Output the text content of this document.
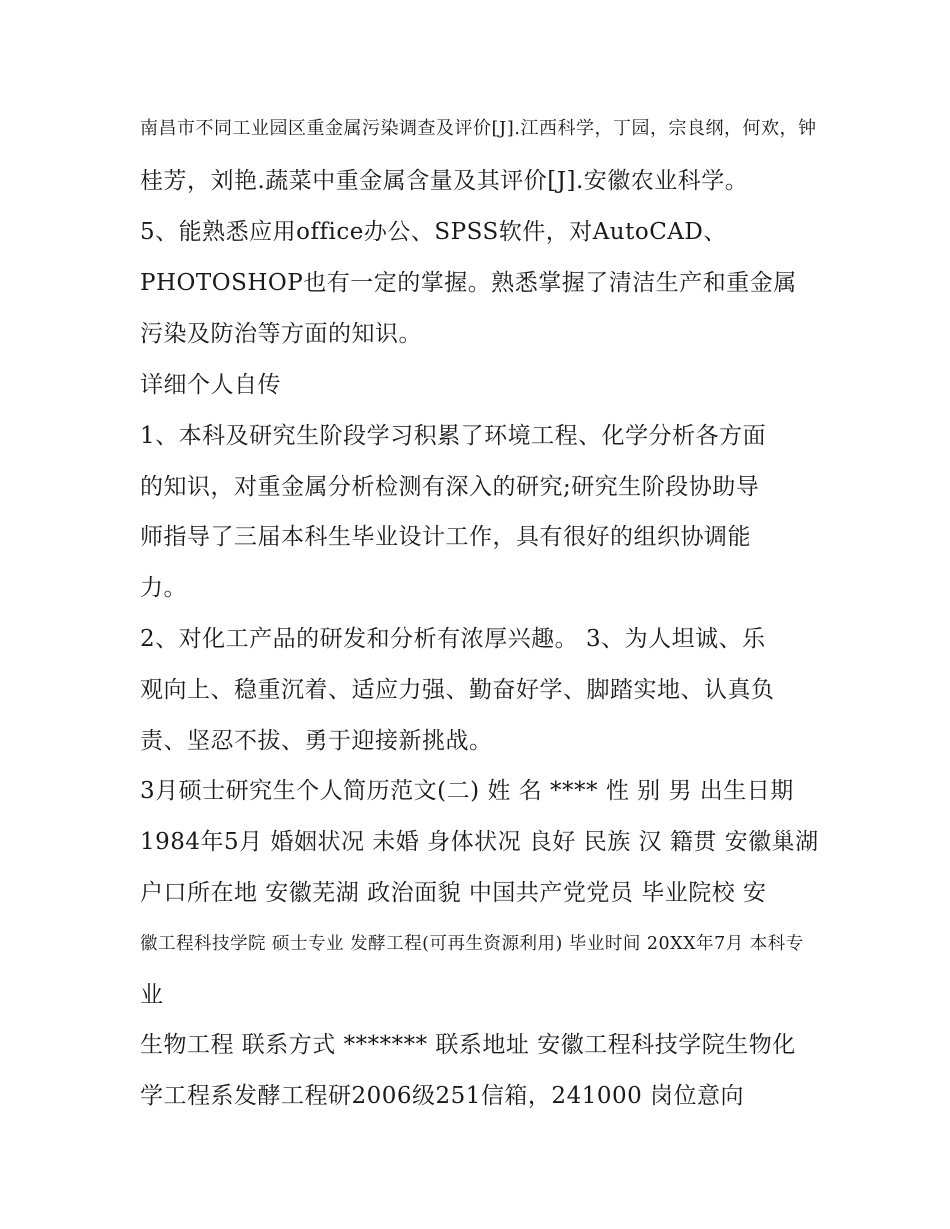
南昌市不同工业园区重金属污染调查及评价[J].江西科学，丁园，宗良纲，何欢，钟
桂芳，刘艳.蔬菜中重金属含量及其评价[J].安徽农业科学。
5、能熟悉应用office办公、SPSS软件，对AutoCAD、
PHOTOSHOP也有一定的掌握。熟悉掌握了清洁生产和重金属
污染及防治等方面的知识。
详细个人自传
1、本科及研究生阶段学习积累了环境工程、化学分析各方面
的知识，对重金属分析检测有深入的研究;研究生阶段协助导
师指导了三届本科生毕业设计工作，具有很好的组织协调能
力。
2、对化工产品的研发和分析有浓厚兴趣。 3、为人坦诚、乐
观向上、稳重沉着、适应力强、勤奋好学、脚踏实地、认真负
责、坚忍不拔、勇于迎接新挑战。
3月硕士研究生个人简历范文(二) 姓 名 **** 性 别 男 出生日期
1984年5月 婚姻状况 未婚 身体状况 良好 民族 汉 籍贯 安徽巢湖
户口所在地 安徽芜湖 政治面貌 中国共产党党员 毕业院校 安
徽工程科技学院 硕士专业 发酵工程(可再生资源利用) 毕业时间 20XX年7月 本科专
业
生物工程 联系方式 ******* 联系地址 安徽工程科技学院生物化
学工程系发酵工程研2006级251信箱，241000 岗位意向
